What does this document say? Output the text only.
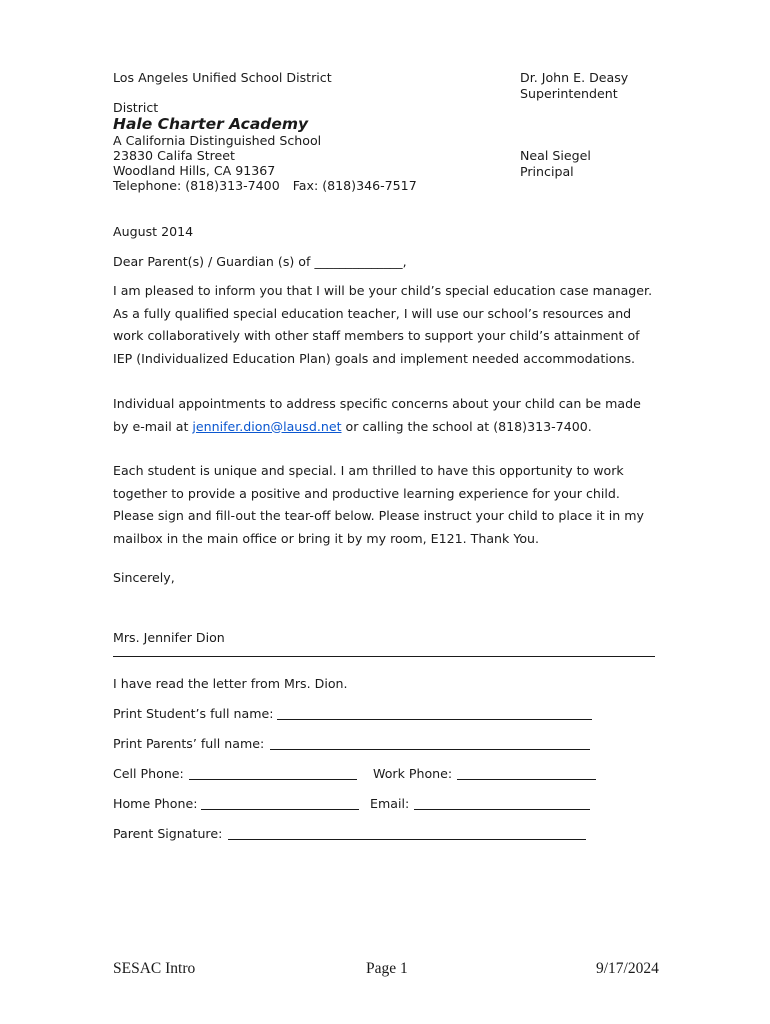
Los Angeles Unified School District
District
Hale Charter Academy
A California Distinguished School
23830 Califa Street
Woodland Hills, CA 91367
Telephone: (818)313-7400 Fax: (818)346-7517
Dr. John E. Deasy
Superintendent
Neal Siegel
Principal
August 2014
Dear Parent(s) / Guardian (s) of ______________,
I am pleased to inform you that I will be your child’s special education case manager.
As a fully qualified special education teacher, I will use our school’s resources and
work collaboratively with other staff members to support your child’s attainment of
IEP (Individualized Education Plan) goals and implement needed accommodations.
Individual appointments to address specific concerns about your child can be made
by e-mail at jennifer.dion@lausd.net or calling the school at (818)313-7400.
Each student is unique and special. I am thrilled to have this opportunity to work
together to provide a positive and productive learning experience for your child.
Please sign and fill-out the tear-off below. Please instruct your child to place it in my
mailbox in the main office or bring it by my room, E121. Thank You.
Sincerely,
Mrs. Jennifer Dion
I have read the letter from Mrs. Dion.
Print Student’s full name:
Print Parents’ full name:
Cell Phone:	Work Phone:
Home Phone:	Email:
Parent Signature:
SESAC Intro	Page 1	9/17/2024
